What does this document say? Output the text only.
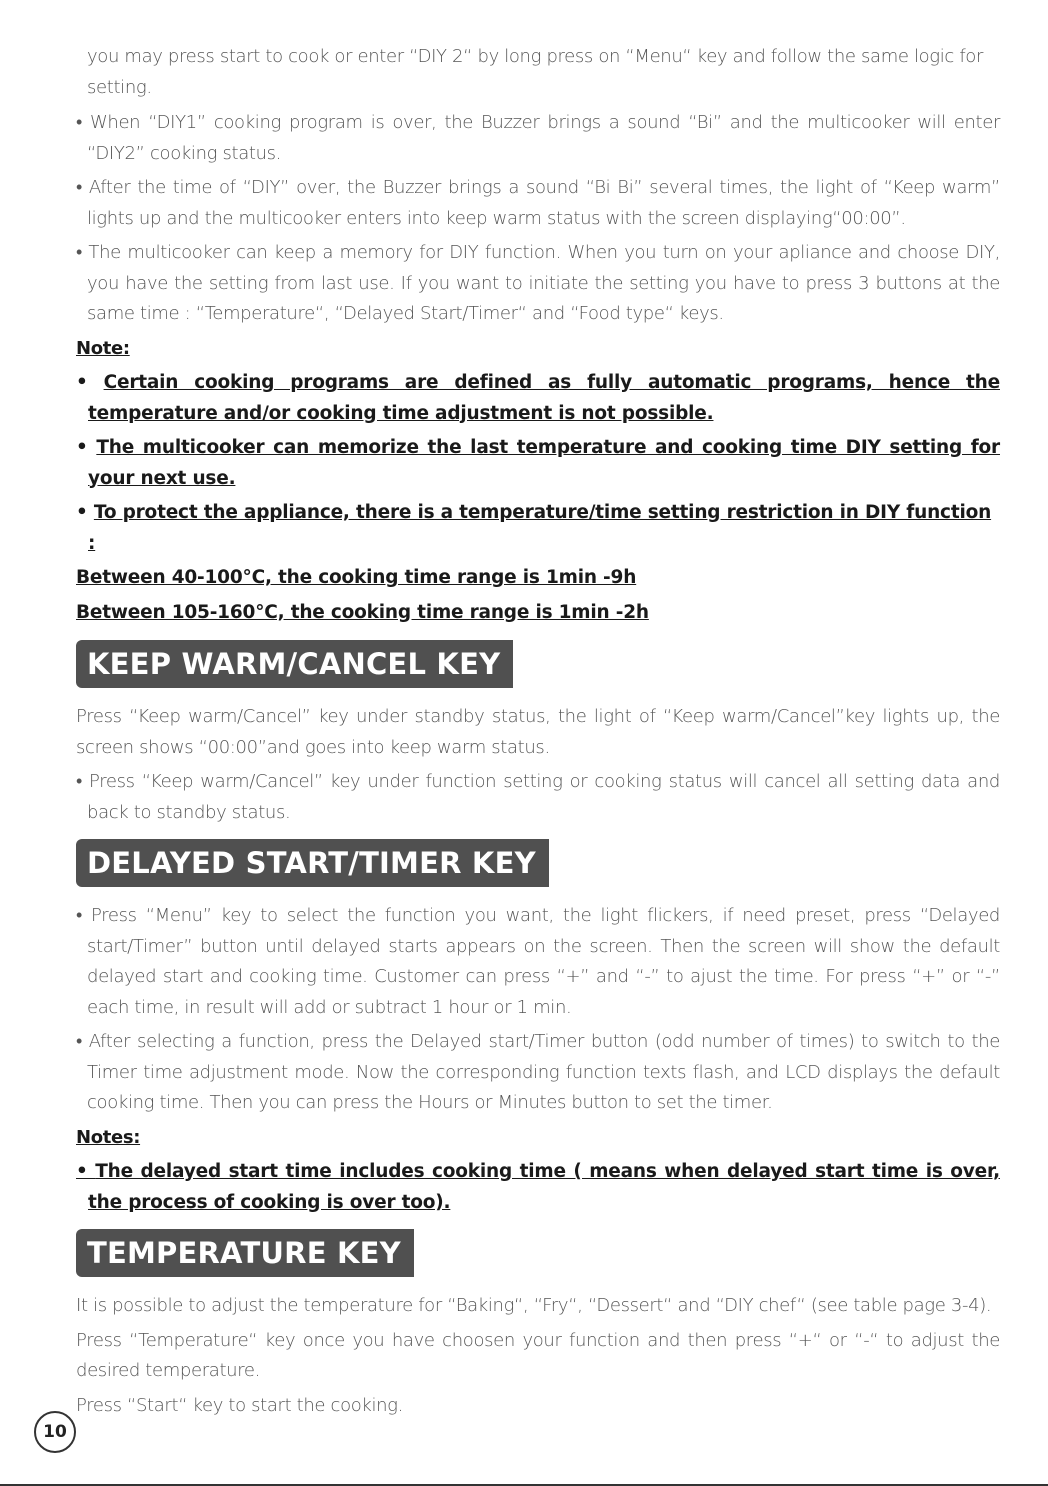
you may press start to cook or enter “DIY 2“ by long press on “Menu“ key and follow the same logic for setting.

• When “DIY1” cooking program is over, the Buzzer brings a sound “Bi” and the multicooker will enter “DIY2” cooking status.

• After the time of “DIY” over, the Buzzer brings a sound “Bi Bi” several times, the light of “Keep warm” lights up and the multicooker enters into keep warm status with the screen displaying“00:00”.

• The multicooker can keep a memory for DIY function. When you turn on your apliance and choose DIY, you have the setting from last use. If you want to initiate the setting you have to press 3 buttons at the same time : “Temperature“, “Delayed Start/Timer“ and “Food type“ keys.

Note:

• Certain cooking programs are defined as fully automatic programs, hence the temperature and/or cooking time adjustment is not possible.

• The multicooker can memorize the last temperature and cooking time DIY setting for your next use.

• To protect the appliance, there is a temperature/time setting restriction in DIY function :

Between 40-100°C, the cooking time range is 1min -9h

Between 105-160°C, the cooking time range is 1min -2h

KEEP WARM/CANCEL KEY

Press “Keep warm/Cancel” key under standby status, the light of “Keep warm/Cancel”key lights up, the screen shows “00:00”and goes into keep warm status.

• Press “Keep warm/Cancel” key under function setting or cooking status will cancel all setting data and back to standby status.

DELAYED START/TIMER KEY

• Press “Menu” key to select the function you want, the light flickers, if need preset, press “Delayed start/Timer” button until delayed starts appears on the screen. Then the screen will show the default delayed start and cooking time. Customer can press “+” and “-” to ajust the time. For press “+” or “-” each time, in result will add or subtract 1 hour or 1 min.

• After selecting a function, press the Delayed start/Timer button (odd number of times) to switch to the Timer time adjustment mode. Now the corresponding function texts flash, and LCD displays the default cooking time. Then you can press the Hours or Minutes button to set the timer.

Notes:

• The delayed start time includes cooking time ( means when delayed start time is over, the process of cooking is over too).

TEMPERATURE KEY

It is possible to adjust the temperature for “Baking“, “Fry“, “Dessert“ and “DIY chef“ (see table page 3-4).

Press “Temperature“ key once you have choosen your function and then press “+“ or “-“ to adjust the desired temperature.

Press “Start“ key to start the cooking.

10
